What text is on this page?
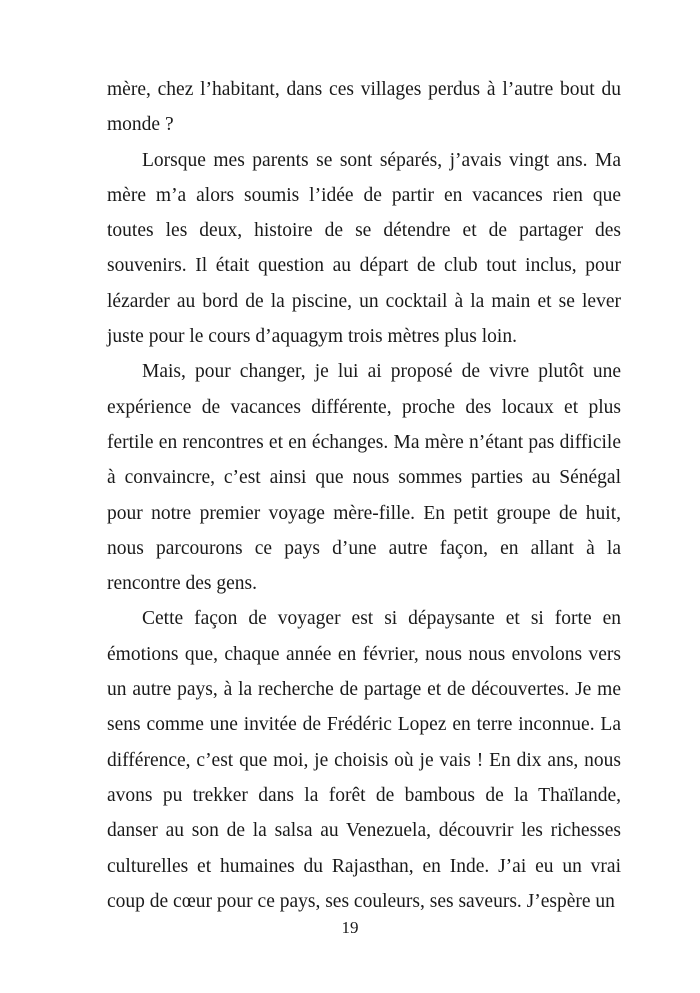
mère, chez l’habitant, dans ces villages perdus à l’autre bout du monde ?

Lorsque mes parents se sont séparés, j’avais vingt ans. Ma mère m’a alors soumis l’idée de partir en vacances rien que toutes les deux, histoire de se détendre et de partager des souvenirs. Il était question au départ de club tout inclus, pour lézarder au bord de la piscine, un cocktail à la main et se lever juste pour le cours d’aquagym trois mètres plus loin.

Mais, pour changer, je lui ai proposé de vivre plutôt une expérience de vacances différente, proche des locaux et plus fertile en rencontres et en échanges. Ma mère n’étant pas difficile à convaincre, c’est ainsi que nous sommes parties au Sénégal pour notre premier voyage mère-fille. En petit groupe de huit, nous parcourons ce pays d’une autre façon, en allant à la rencontre des gens.

Cette façon de voyager est si dépaysante et si forte en émotions que, chaque année en février, nous nous envolons vers un autre pays, à la recherche de partage et de découvertes. Je me sens comme une invitée de Frédéric Lopez en terre inconnue. La différence, c’est que moi, je choisis où je vais ! En dix ans, nous avons pu trekker dans la forêt de bambous de la Thaïlande, danser au son de la salsa au Venezuela, découvrir les richesses culturelles et humaines du Rajasthan, en Inde. J’ai eu un vrai coup de cœur pour ce pays, ses couleurs, ses saveurs. J’espère un

19
